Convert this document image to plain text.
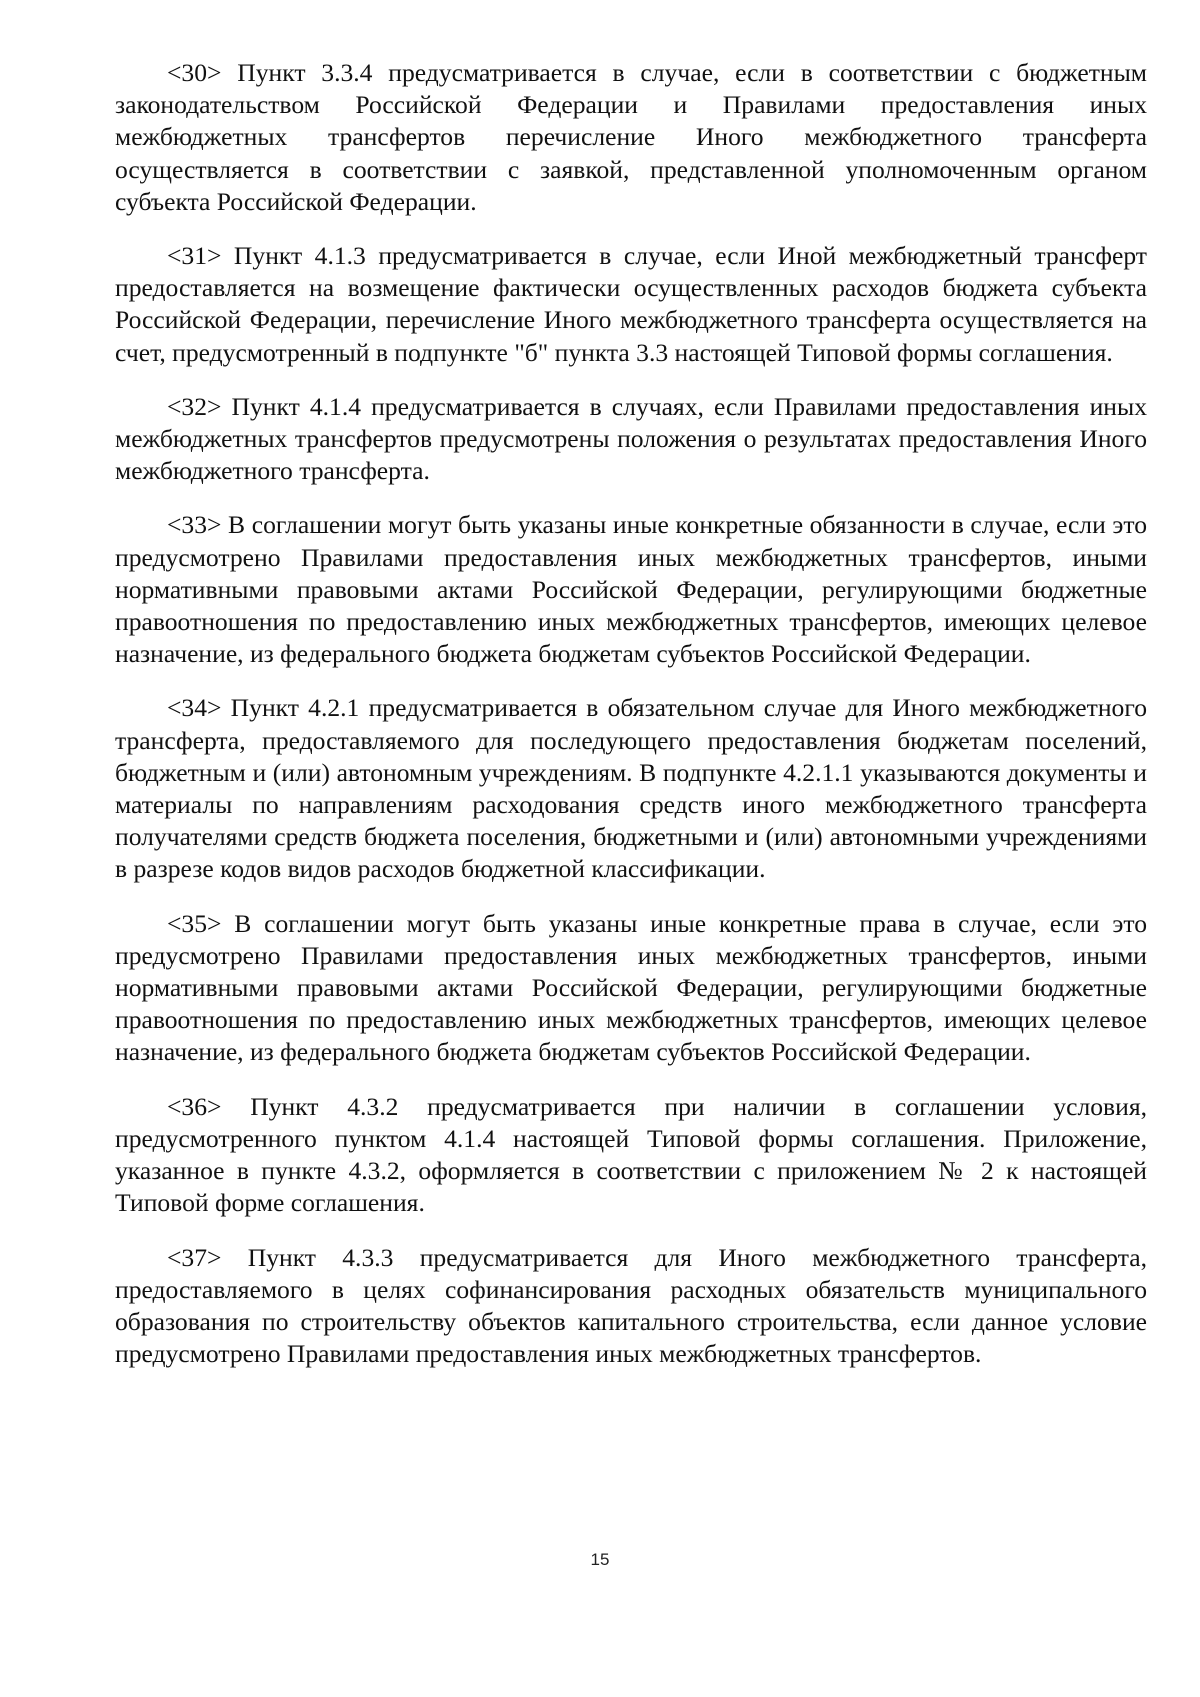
<30> Пункт 3.3.4 предусматривается в случае, если в соответствии с бюджетным законодательством Российской Федерации и Правилами предоставления иных межбюджетных трансфертов перечисление Иного межбюджетного трансферта осуществляется в соответствии с заявкой, представленной уполномоченным органом субъекта Российской Федерации.

<31> Пункт 4.1.3 предусматривается в случае, если Иной межбюджетный трансферт предоставляется на возмещение фактически осуществленных расходов бюджета субъекта Российской Федерации, перечисление Иного межбюджетного трансферта осуществляется на счет, предусмотренный в подпункте "б" пункта 3.3 настоящей Типовой формы соглашения.

<32> Пункт 4.1.4 предусматривается в случаях, если Правилами предоставления иных межбюджетных трансфертов предусмотрены положения о результатах предоставления Иного межбюджетного трансферта.

<33> В соглашении могут быть указаны иные конкретные обязанности в случае, если это предусмотрено Правилами предоставления иных межбюджетных трансфертов, иными нормативными правовыми актами Российской Федерации, регулирующими бюджетные правоотношения по предоставлению иных межбюджетных трансфертов, имеющих целевое назначение, из федерального бюджета бюджетам субъектов Российской Федерации.

<34> Пункт 4.2.1 предусматривается в обязательном случае для Иного межбюджетного трансферта, предоставляемого для последующего предоставления бюджетам поселений, бюджетным и (или) автономным учреждениям. В подпункте 4.2.1.1 указываются документы и материалы по направлениям расходования средств иного межбюджетного трансферта получателями средств бюджета поселения, бюджетными и (или) автономными учреждениями в разрезе кодов видов расходов бюджетной классификации.

<35> В соглашении могут быть указаны иные конкретные права в случае, если это предусмотрено Правилами предоставления иных межбюджетных трансфертов, иными нормативными правовыми актами Российской Федерации, регулирующими бюджетные правоотношения по предоставлению иных межбюджетных трансфертов, имеющих целевое назначение, из федерального бюджета бюджетам субъектов Российской Федерации.

<36> Пункт 4.3.2 предусматривается при наличии в соглашении условия, предусмотренного пунктом 4.1.4 настоящей Типовой формы соглашения. Приложение, указанное в пункте 4.3.2, оформляется в соответствии с приложением № 2 к настоящей Типовой форме соглашения.

<37> Пункт 4.3.3 предусматривается для Иного межбюджетного трансферта, предоставляемого в целях софинансирования расходных обязательств муниципального образования по строительству объектов капитального строительства, если данное условие предусмотрено Правилами предоставления иных межбюджетных трансфертов.

15
